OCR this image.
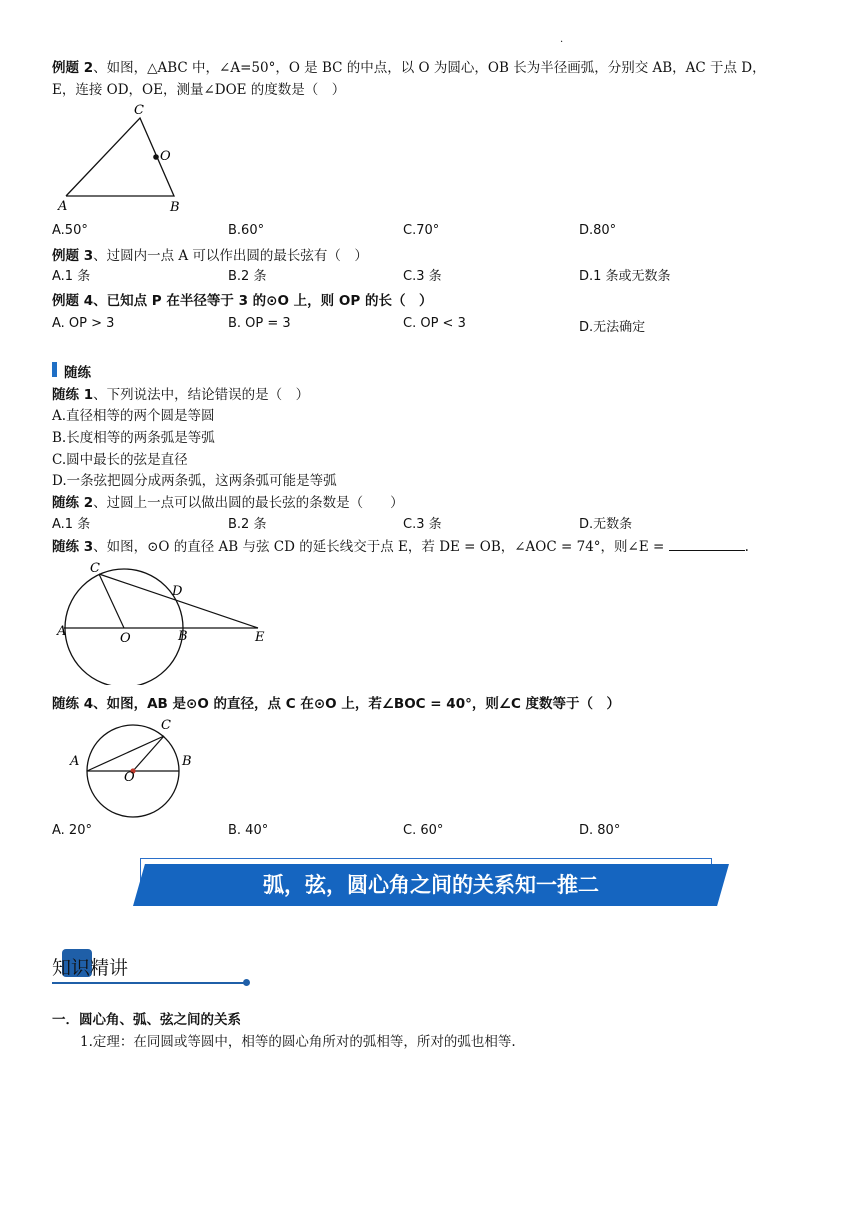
.
例题 2、如图，△ABC 中，∠A=50°，O 是 BC 的中点，以 O 为圆心，OB 长为半径画弧，分别交 AB，AC 于点 D，
E，连接 OD，OE，测量∠DOE 的度数是（　）
C
O
A	B
A.50°	B.60°	C.70°	D.80°
例题 3、过圆内一点 A 可以作出圆的最长弦有（　）
A.1 条	B.2 条	C.3 条	D.1 条或无数条
例题 4、已知点 P 在半径等于 3 的⊙O 上，则 OP 的长（　）
A. OP > 3	B. OP = 3	C. OP < 3	D.无法确定
随练
随练 1、下列说法中，结论错误的是（　）
A.直径相等的两个圆是等圆
B.长度相等的两条弧是等弧
C.圆中最长的弦是直径
D.一条弦把圆分成两条弧，这两条弧可能是等弧
随练 2、过圆上一点可以做出圆的最长弦的条数是（　　）
A.1 条	B.2 条	C.3 条	D.无数条
随练 3、如图，⊙O 的直径 AB 与弦 CD 的延长线交于点 E，若 DE = OB，∠AOC = 74°，则∠E =	.
C
D
A	O	B	E
随练 4、如图，AB 是⊙O 的直径，点 C 在⊙O 上，若∠BOC = 40°，则∠C 度数等于（　）
C
A	B
O
A. 20°	B. 40°	C. 60°	D. 80°
弧，弦，圆心角之间的关系知一推二
知识精讲
一．圆心角、弧、弦之间的关系
1.定理：在同圆或等圆中，相等的圆心角所对的弧相等，所对的弧也相等.
